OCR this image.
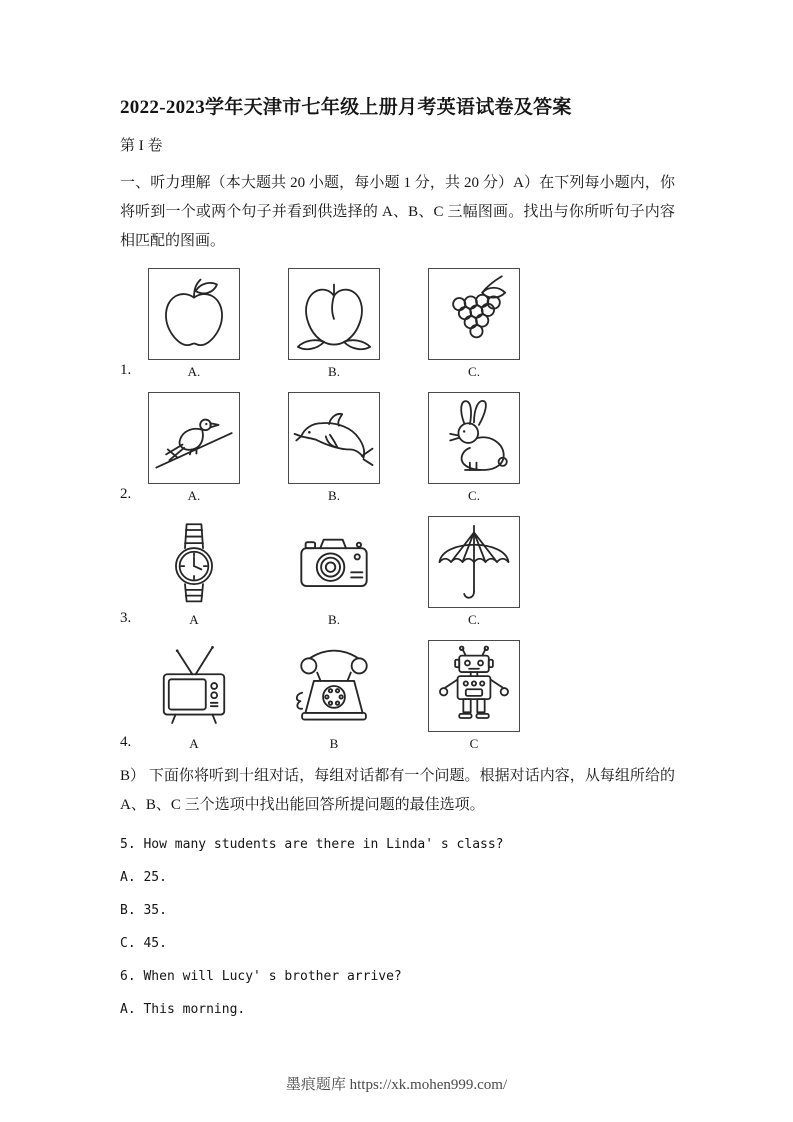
2022-2023学年天津市七年级上册月考英语试卷及答案
第 I 卷
一、听力理解（本大题共 20 小题，每小题 1 分，共 20 分）A）在下列每小题内，你将听到一个或两个句子并看到供选择的 A、B、C 三幅图画。找出与你所听句子内容相匹配的图画。
1.	A.	B.	C.
2.	A.	B.	C.
3.	A	B.	C.
4.	A	B	C
B） 下面你将听到十组对话，每组对话都有一个问题。根据对话内容，从每组所给的 A、B、C 三个选项中找出能回答所提问题的最佳选项。
5. How many students are there in Linda' s class?
A. 25.
B. 35.
C. 45.
6. When will Lucy' s brother arrive?
A. This morning.
墨痕题库 https://xk.mohen999.com/
